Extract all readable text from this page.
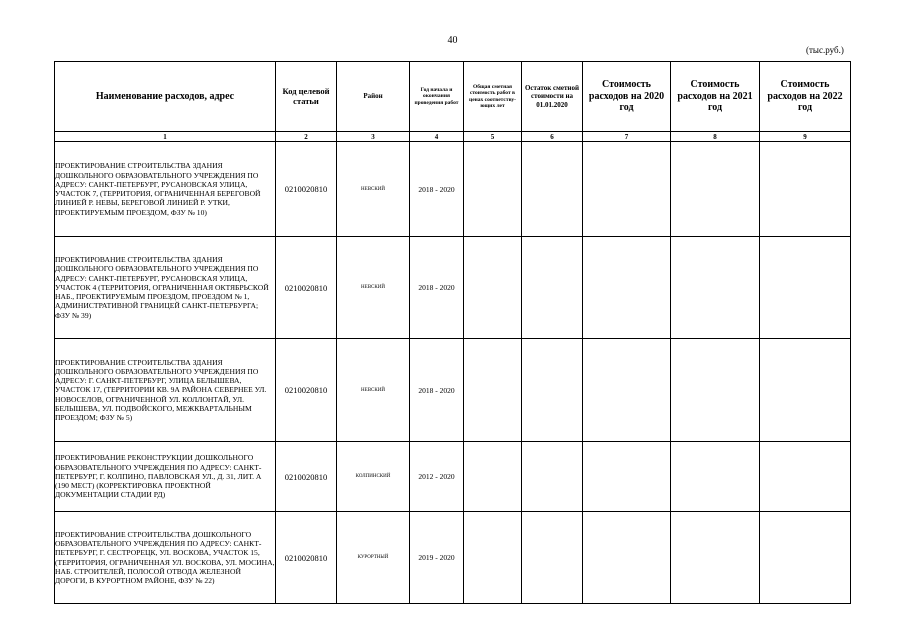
40
(тыс.руб.)
Наименование расходов, адрес	Код целевой статьи	Район	Год начала и окончания проведения работ	Общая сметная стоимость работ в ценах соответству-ющих лет	Остаток сметной стоимости на 01.01.2020	Стоимость расходов на 2020 год	Стоимость расходов на 2021 год	Стоимость расходов на 2022 год
1	2	3	4	5	6	7	8	9
ПРОЕКТИРОВАНИЕ СТРОИТЕЛЬСТВА ЗДАНИЯ ДОШКОЛЬНОГО ОБРАЗОВАТЕЛЬНОГО УЧРЕЖДЕНИЯ ПО АДРЕСУ: САНКТ-ПЕТЕРБУРГ, РУСАНОВСКАЯ УЛИЦА, УЧАСТОК 7, (ТЕРРИТОРИЯ, ОГРАНИЧЕННАЯ БЕРЕГОВОЙ ЛИНИЕЙ Р. НЕВЫ, БЕРЕГОВОЙ ЛИНИЕЙ Р. УТКИ, ПРОЕКТИРУЕМЫМ ПРОЕЗДОМ, ФЗУ № 10)	0210020810	НЕВСКИЙ	2018 - 2020					
ПРОЕКТИРОВАНИЕ СТРОИТЕЛЬСТВА ЗДАНИЯ ДОШКОЛЬНОГО ОБРАЗОВАТЕЛЬНОГО УЧРЕЖДЕНИЯ ПО АДРЕСУ: САНКТ-ПЕТЕРБУРГ, РУСАНОВСКАЯ УЛИЦА, УЧАСТОК 4 (ТЕРРИТОРИЯ, ОГРАНИЧЕННАЯ ОКТЯБРЬСКОЙ НАБ., ПРОЕКТИРУЕМЫМ ПРОЕЗДОМ, ПРОЕЗДОМ № 1, АДМИНИСТРАТИВНОЙ ГРАНИЦЕЙ САНКТ-ПЕТЕРБУРГА; ФЗУ № 39)	0210020810	НЕВСКИЙ	2018 - 2020					
ПРОЕКТИРОВАНИЕ СТРОИТЕЛЬСТВА ЗДАНИЯ ДОШКОЛЬНОГО ОБРАЗОВАТЕЛЬНОГО УЧРЕЖДЕНИЯ ПО АДРЕСУ: Г. САНКТ-ПЕТЕРБУРГ, УЛИЦА БЕЛЫШЕВА, УЧАСТОК 17, (ТЕРРИТОРИИ КВ. 9А РАЙОНА СЕВЕРНЕЕ УЛ. НОВОСЕЛОВ, ОГРАНИЧЕННОЙ УЛ. КОЛЛОНТАЙ, УЛ. БЕЛЫШЕВА, УЛ. ПОДВОЙСКОГО, МЕЖКВАРТАЛЬНЫМ ПРОЕЗДОМ; ФЗУ № 5)	0210020810	НЕВСКИЙ	2018 - 2020					
ПРОЕКТИРОВАНИЕ РЕКОНСТРУКЦИИ ДОШКОЛЬНОГО ОБРАЗОВАТЕЛЬНОГО УЧРЕЖДЕНИЯ ПО АДРЕСУ: САНКТ-ПЕТЕРБУРГ, Г. КОЛПИНО, ПАВЛОВСКАЯ УЛ., Д. 31, ЛИТ. А (190 МЕСТ) (КОРРЕКТИРОВКА ПРОЕКТНОЙ ДОКУМЕНТАЦИИ СТАДИИ РД)	0210020810	КОЛПИНСКИЙ	2012 - 2020					
ПРОЕКТИРОВАНИЕ СТРОИТЕЛЬСТВА ДОШКОЛЬНОГО ОБРАЗОВАТЕЛЬНОГО УЧРЕЖДЕНИЯ ПО АДРЕСУ: САНКТ-ПЕТЕРБУРГ, Г. СЕСТРОРЕЦК, УЛ. ВОСКОВА, УЧАСТОК 15, (ТЕРРИТОРИЯ, ОГРАНИЧЕННАЯ УЛ. ВОСКОВА, УЛ. МОСИНА, НАБ. СТРОИТЕЛЕЙ, ПОЛОСОЙ ОТВОДА ЖЕЛЕЗНОЙ ДОРОГИ, В КУРОРТНОМ РАЙОНЕ, ФЗУ № 22)	0210020810	КУРОРТНЫЙ	2019 - 2020					
